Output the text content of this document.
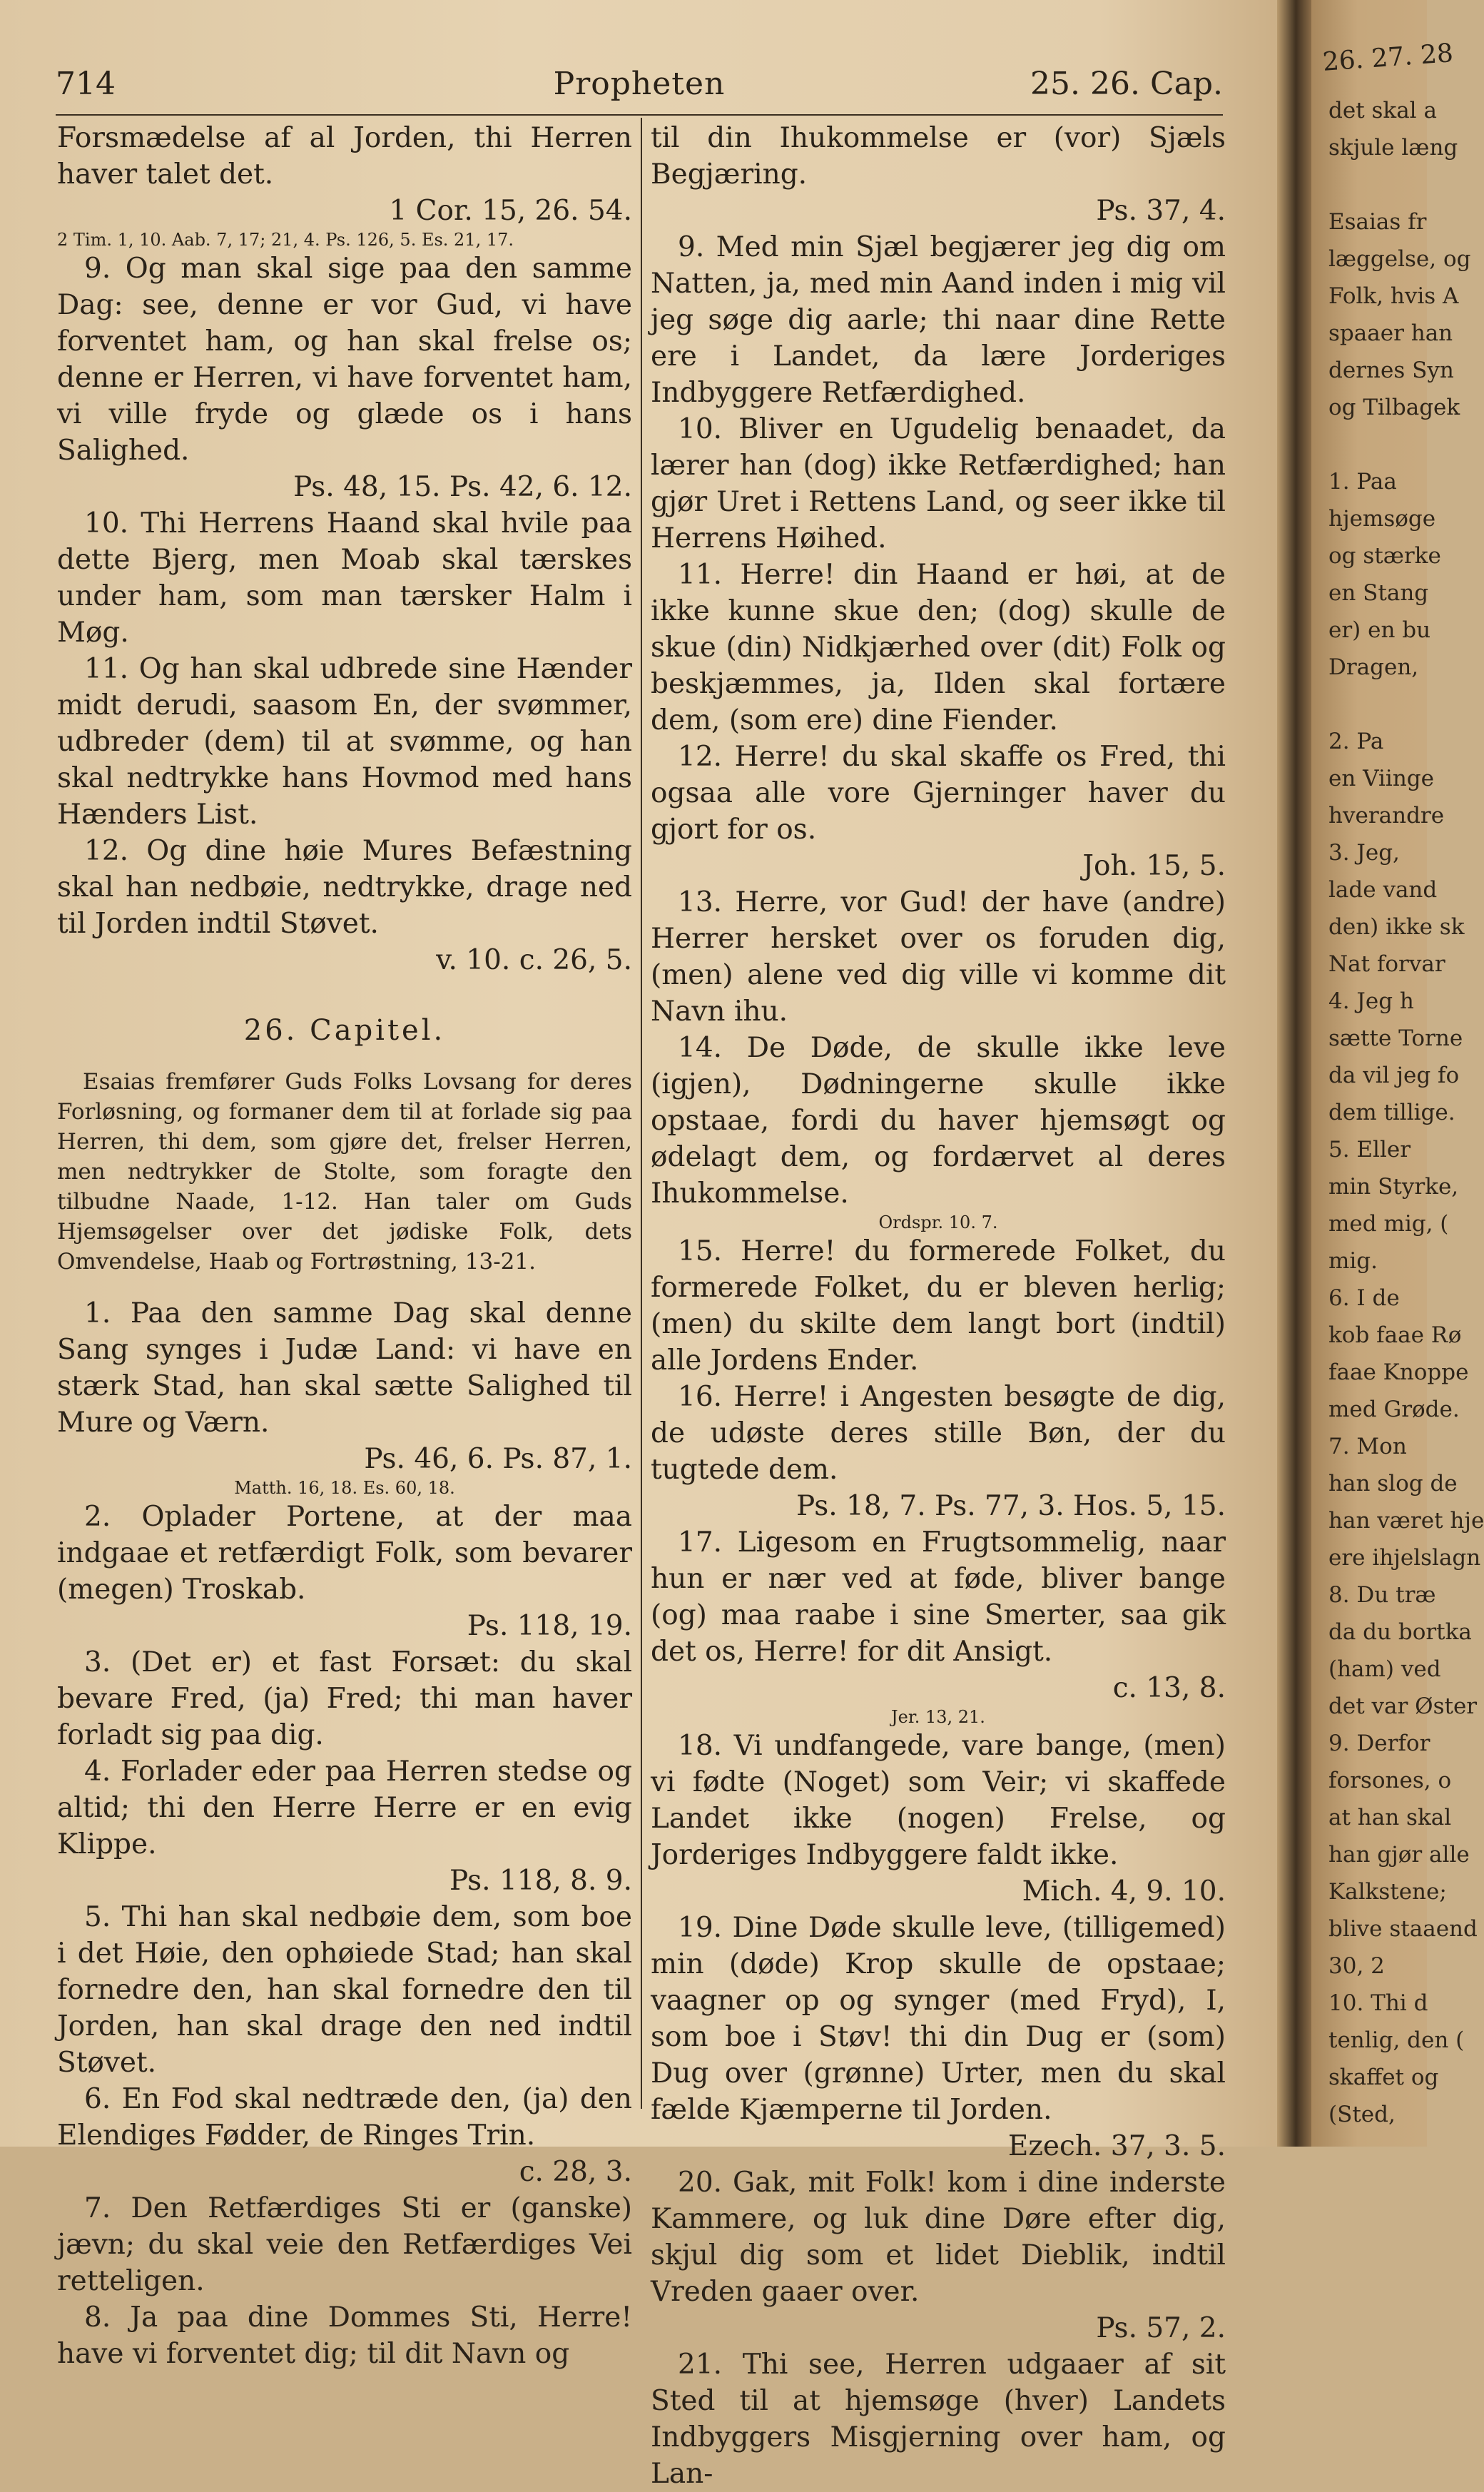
714	Propheten	25. 26. Cap.

Forsmædelse af al Jorden, thi Herren haver talet det.
1 Cor. 15, 26. 54.

2 Tim. 1, 10. Aab. 7, 17; 21, 4. Ps. 126, 5. Es. 21, 17.

9. Og man skal sige paa den samme Dag: see, denne er vor Gud, vi have forventet ham, og han skal frelse os; denne er Herren, vi have forventet ham, vi ville fryde og glæde os i hans Salighed.
Ps. 48, 15. Ps. 42, 6. 12.

10. Thi Herrens Haand skal hvile paa dette Bjerg, men Moab skal tærskes under ham, som man tærsker Halm i Møg.

11. Og han skal udbrede sine Hænder midt derudi, saasom En, der svømmer, udbreder (dem) til at svømme, og han skal nedtrykke hans Hovmod med hans Hænders List.

12. Og dine høie Mures Befæstning skal han nedbøie, nedtrykke, drage ned til Jorden indtil Støvet.
v. 10. c. 26, 5.

26. Capitel.

Esaias fremfører Guds Folks Lovsang for deres Forløsning, og formaner dem til at forlade sig paa Herren, thi dem, som gjøre det, frelser Herren, men nedtrykker de Stolte, som foragte den tilbudne Naade, 1-12. Han taler om Guds Hjemsøgelser over det jødiske Folk, dets Omvendelse, Haab og Fortrøstning, 13-21.

1. Paa den samme Dag skal denne Sang synges i Judæ Land: vi have en stærk Stad, han skal sætte Salighed til Mure og Værn.
Ps. 46, 6. Ps. 87, 1.

Matth. 16, 18. Es. 60, 18.

2. Oplader Portene, at der maa indgaae et retfærdigt Folk, som bevarer (megen) Troskab.
Ps. 118, 19.

3. (Det er) et fast Forsæt: du skal bevare Fred, (ja) Fred; thi man haver forladt sig paa dig.

4. Forlader eder paa Herren stedse og altid; thi den Herre Herre er en evig Klippe.
Ps. 118, 8. 9.

5. Thi han skal nedbøie dem, som boe i det Høie, den ophøiede Stad; han skal fornedre den, han skal fornedre den til Jorden, han skal drage den ned indtil Støvet.

6. En Fod skal nedtræde den, (ja) den Elendiges Fødder, de Ringes Trin.
c. 28, 3.

7. Den Retfærdiges Sti er (ganske) jævn; du skal veie den Retfærdiges Vei retteligen.

8. Ja paa dine Dommes Sti, Herre! have vi forventet dig; til dit Navn og

til din Ihukommelse er (vor) Sjæls Begjæring.
Ps. 37, 4.

9. Med min Sjæl begjærer jeg dig om Natten, ja, med min Aand inden i mig vil jeg søge dig aarle; thi naar dine Rette ere i Landet, da lære Jorderiges Indbyggere Retfærdighed.

10. Bliver en Ugudelig benaadet, da lærer han (dog) ikke Retfærdighed; han gjør Uret i Rettens Land, og seer ikke til Herrens Høihed.

11. Herre! din Haand er høi, at de ikke kunne skue den; (dog) skulle de skue (din) Nidkjærhed over (dit) Folk og beskjæmmes, ja, Ilden skal fortære dem, (som ere) dine Fiender.

12. Herre! du skal skaffe os Fred, thi ogsaa alle vore Gjerninger haver du gjort for os.
Joh. 15, 5.

13. Herre, vor Gud! der have (andre) Herrer hersket over os foruden dig, (men) alene ved dig ville vi komme dit Navn ihu.

14. De Døde, de skulle ikke leve (igjen), Dødningerne skulle ikke opstaae, fordi du haver hjemsøgt og ødelagt dem, og fordærvet al deres Ihukommelse.

Ordspr. 10. 7.

15. Herre! du formerede Folket, du formerede Folket, du er bleven herlig; (men) du skilte dem langt bort (indtil) alle Jordens Ender.

16. Herre! i Angesten besøgte de dig, de udøste deres stille Bøn, der du tugtede dem.
Ps. 18, 7. Ps. 77, 3. Hos. 5, 15.

17. Ligesom en Frugtsommelig, naar hun er nær ved at føde, bliver bange (og) maa raabe i sine Smerter, saa gik det os, Herre! for dit Ansigt.
c. 13, 8.

Jer. 13, 21.

18. Vi undfangede, vare bange, (men) vi fødte (Noget) som Veir; vi skaffede Landet ikke (nogen) Frelse, og Jorderiges Indbyggere faldt ikke.
Mich. 4, 9. 10.

19. Dine Døde skulle leve, (tilligemed) min (døde) Krop skulle de opstaae; vaagner op og synger (med Fryd), I, som boe i Støv! thi din Dug er (som) Dug over (grønne) Urter, men du skal fælde Kjæmperne til Jorden.
Ezech. 37, 3. 5.

20. Gak, mit Folk! kom i dine inderste Kammere, og luk dine Døre efter dig, skjul dig som et lidet Dieblik, indtil Vreden gaaer over.
Ps. 57, 2.

21. Thi see, Herren udgaaer af sit Sted til at hjemsøge (hver) Landets Indbyggers Misgjerning over ham, og Lan-

26. 27. 28

det skal a

skjule læng

Esaias fr

læggelse, og

Folk, hvis A

spaaer han

dernes Syn

og Tilbagek

1. Paa

hjemsøge

og stærke

en Stang

er) en bu

Dragen,

2. Pa

en Viinge

hverandre

3. Jeg,

lade vand

den) ikke sk

Nat forvar

4. Jeg h

sætte Torne

da vil jeg fo

dem tillige.

5. Eller

min Styrke,

med mig, (

mig.

6. I de

kob faae Rø

faae Knoppe

med Grøde.

7. Mon

han slog de

han været hje

ere ihjelslagn

8. Du træ

da du bortka

(ham) ved

det var Øster

9. Derfor

forsones, o

at han skal

han gjør alle

Kalkstene;

blive staaend

30, 2

10. Thi d

tenlig, den (

skaffet og

(Sted,
